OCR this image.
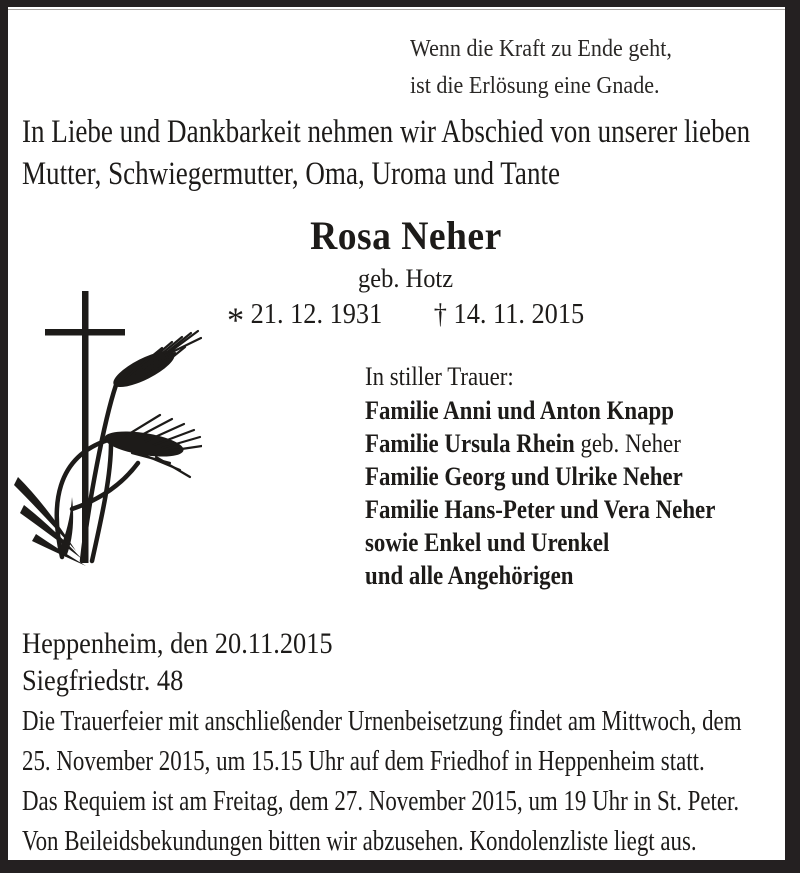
Wenn die Kraft zu Ende geht,
ist die Erlösung eine Gnade.
In Liebe und Dankbarkeit nehmen wir Abschied von unserer lieben
Mutter, Schwiegermutter, Oma, Uroma und Tante
Rosa Neher
geb. Hotz
* 21. 12. 1931 † 14. 11. 2015
In stiller Trauer:
Familie Anni und Anton Knapp
Familie Ursula Rhein geb. Neher
Familie Georg und Ulrike Neher
Familie Hans-Peter und Vera Neher
sowie Enkel und Urenkel
und alle Angehörigen
Heppenheim, den 20.11.2015
Siegfriedstr. 48
Die Trauerfeier mit anschließender Urnenbeisetzung findet am Mittwoch, dem
25. November 2015, um 15.15 Uhr auf dem Friedhof in Heppenheim statt.
Das Requiem ist am Freitag, dem 27. November 2015, um 19 Uhr in St. Peter.
Von Beileidsbekundungen bitten wir abzusehen. Kondolenzliste liegt aus.
